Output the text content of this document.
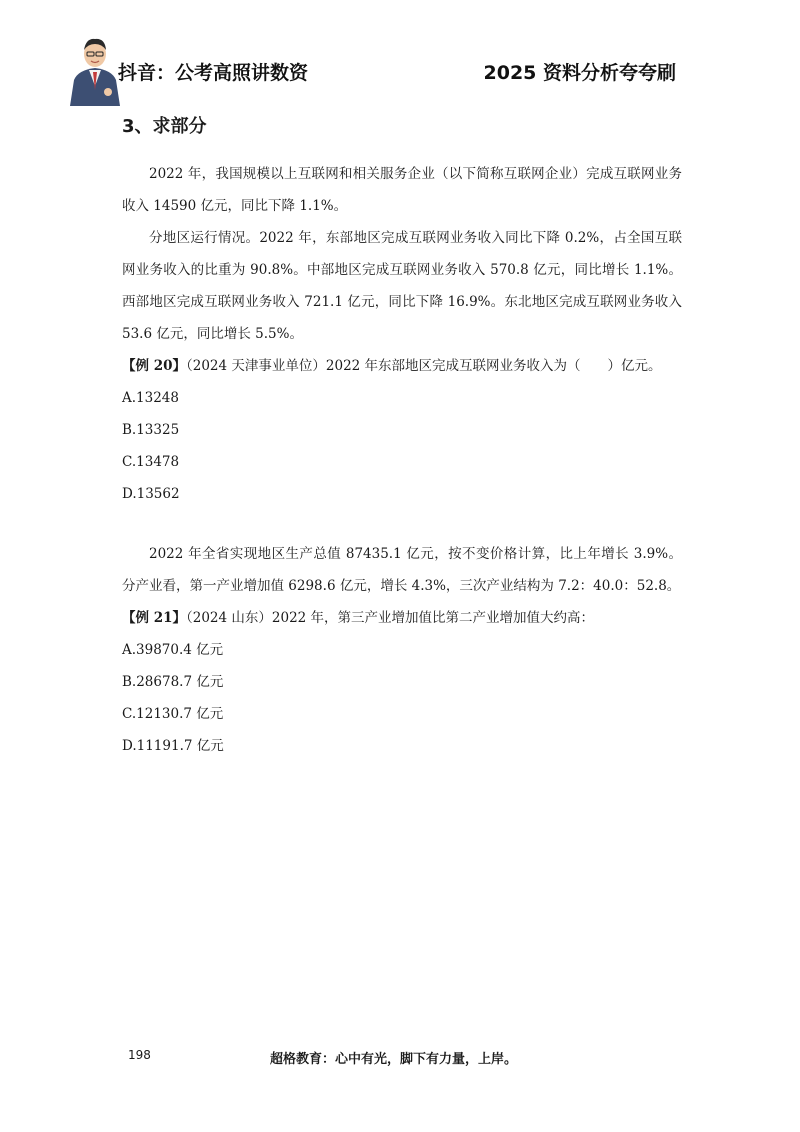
抖音：公考高照讲数资	2025 资料分析夸夸刷
3、求部分

2022 年，我国规模以上互联网和相关服务企业（以下简称互联网企业）完成互联网业务收入 14590 亿元，同比下降 1.1%。

分地区运行情况。2022 年，东部地区完成互联网业务收入同比下降 0.2%，占全国互联网业务收入的比重为 90.8%。中部地区完成互联网业务收入 570.8 亿元，同比增长 1.1%。西部地区完成互联网业务收入 721.1 亿元，同比下降 16.9%。东北地区完成互联网业务收入 53.6 亿元，同比增长 5.5%。

【例 20】（2024 天津事业单位）2022 年东部地区完成互联网业务收入为（　　）亿元。

A.13248

B.13325

C.13478

D.13562

2022 年全省实现地区生产总值 87435.1 亿元，按不变价格计算，比上年增长 3.9%。分产业看，第一产业增加值 6298.6 亿元，增长 4.3%，三次产业结构为 7.2：40.0：52.8。

【例 21】（2024 山东）2022 年，第三产业增加值比第二产业增加值大约高：

A.39870.4 亿元

B.28678.7 亿元

C.12130.7 亿元

D.11191.7 亿元

198	超格教育：心中有光，脚下有力量，上岸。
